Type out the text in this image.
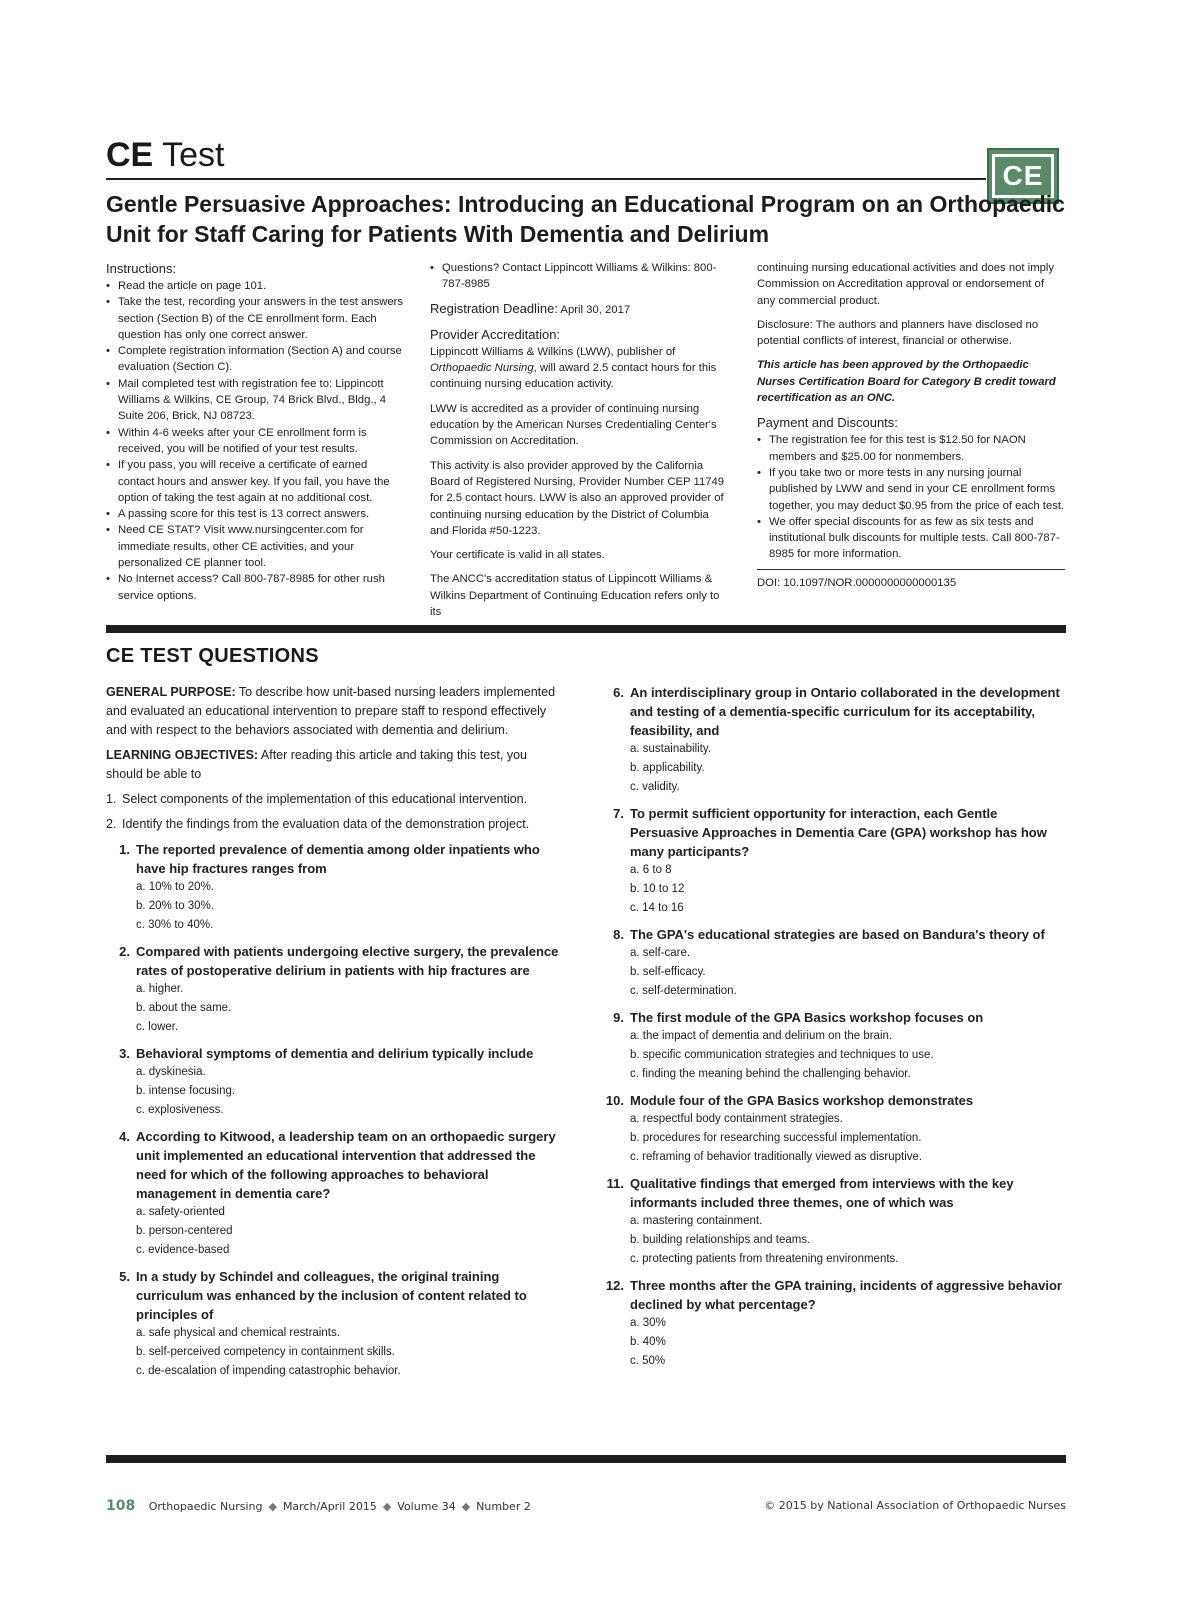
CE Test
CE
Gentle Persuasive Approaches: Introducing an Educational Program on an Orthopaedic Unit for Staff Caring for Patients With Dementia and Delirium
Instructions:
• Read the article on page 101.
• Take the test, recording your answers in the test answers section (Section B) of the CE enrollment form. Each question has only one correct answer.
• Complete registration information (Section A) and course evaluation (Section C).
• Mail completed test with registration fee to: Lippincott Williams & Wilkins, CE Group, 74 Brick Blvd., Bldg., 4 Suite 206, Brick, NJ 08723.
• Within 4-6 weeks after your CE enrollment form is received, you will be notified of your test results.
• If you pass, you will receive a certificate of earned contact hours and answer key. If you fail, you have the option of taking the test again at no additional cost.
• A passing score for this test is 13 correct answers.
• Need CE STAT? Visit www.nursingcenter.com for immediate results, other CE activities, and your personalized CE planner tool.
• No Internet access? Call 800-787-8985 for other rush service options.
• Questions? Contact Lippincott Williams & Wilkins: 800-787-8985
Registration Deadline: April 30, 2017
Provider Accreditation:
Lippincott Williams & Wilkins (LWW), publisher of Orthopaedic Nursing, will award 2.5 contact hours for this continuing nursing education activity.
LWW is accredited as a provider of continuing nursing education by the American Nurses Credentialing Center's Commission on Accreditation.
This activity is also provider approved by the California Board of Registered Nursing, Provider Number CEP 11749 for 2.5 contact hours. LWW is also an approved provider of continuing nursing education by the District of Columbia and Florida #50-1223.
Your certificate is valid in all states.
The ANCC's accreditation status of Lippincott Williams & Wilkins Department of Continuing Education refers only to its
continuing nursing educational activities and does not imply Commission on Accreditation approval or endorsement of any commercial product.
Disclosure: The authors and planners have disclosed no potential conflicts of interest, financial or otherwise.
This article has been approved by the Orthopaedic Nurses Certification Board for Category B credit toward recertification as an ONC.
Payment and Discounts:
• The registration fee for this test is $12.50 for NAON members and $25.00 for nonmembers.
• If you take two or more tests in any nursing journal published by LWW and send in your CE enrollment forms together, you may deduct $0.95 from the price of each test.
• We offer special discounts for as few as six tests and institutional bulk discounts for multiple tests. Call 800-787-8985 for more information.
DOI: 10.1097/NOR.0000000000000135
CE TEST QUESTIONS
GENERAL PURPOSE: To describe how unit-based nursing leaders implemented and evaluated an educational intervention to prepare staff to respond effectively and with respect to the behaviors associated with dementia and delirium.
LEARNING OBJECTIVES: After reading this article and taking this test, you should be able to
1. Select components of the implementation of this educational intervention.
2. Identify the findings from the evaluation data of the demonstration project.
1. The reported prevalence of dementia among older inpatients who have hip fractures ranges from
a. 10% to 20%.
b. 20% to 30%.
c. 30% to 40%.
2. Compared with patients undergoing elective surgery, the prevalence rates of postoperative delirium in patients with hip fractures are
a. higher.
b. about the same.
c. lower.
3. Behavioral symptoms of dementia and delirium typically include
a. dyskinesia.
b. intense focusing.
c. explosiveness.
4. According to Kitwood, a leadership team on an orthopaedic surgery unit implemented an educational intervention that addressed the need for which of the following approaches to behavioral management in dementia care?
a. safety-oriented
b. person-centered
c. evidence-based
5. In a study by Schindel and colleagues, the original training curriculum was enhanced by the inclusion of content related to principles of
a. safe physical and chemical restraints.
b. self-perceived competency in containment skills.
c. de-escalation of impending catastrophic behavior.
6. An interdisciplinary group in Ontario collaborated in the development and testing of a dementia-specific curriculum for its acceptability, feasibility, and
a. sustainability.
b. applicability.
c. validity.
7. To permit sufficient opportunity for interaction, each Gentle Persuasive Approaches in Dementia Care (GPA) workshop has how many participants?
a. 6 to 8
b. 10 to 12
c. 14 to 16
8. The GPA's educational strategies are based on Bandura's theory of
a. self-care.
b. self-efficacy.
c. self-determination.
9. The first module of the GPA Basics workshop focuses on
a. the impact of dementia and delirium on the brain.
b. specific communication strategies and techniques to use.
c. finding the meaning behind the challenging behavior.
10. Module four of the GPA Basics workshop demonstrates
a. respectful body containment strategies.
b. procedures for researching successful implementation.
c. reframing of behavior traditionally viewed as disruptive.
11. Qualitative findings that emerged from interviews with the key informants included three themes, one of which was
a. mastering containment.
b. building relationships and teams.
c. protecting patients from threatening environments.
12. Three months after the GPA training, incidents of aggressive behavior declined by what percentage?
a. 30%
b. 40%
c. 50%
108 Orthopaedic Nursing ◆ March/April 2015 ◆ Volume 34 ◆ Number 2	© 2015 by National Association of Orthopaedic Nurses
